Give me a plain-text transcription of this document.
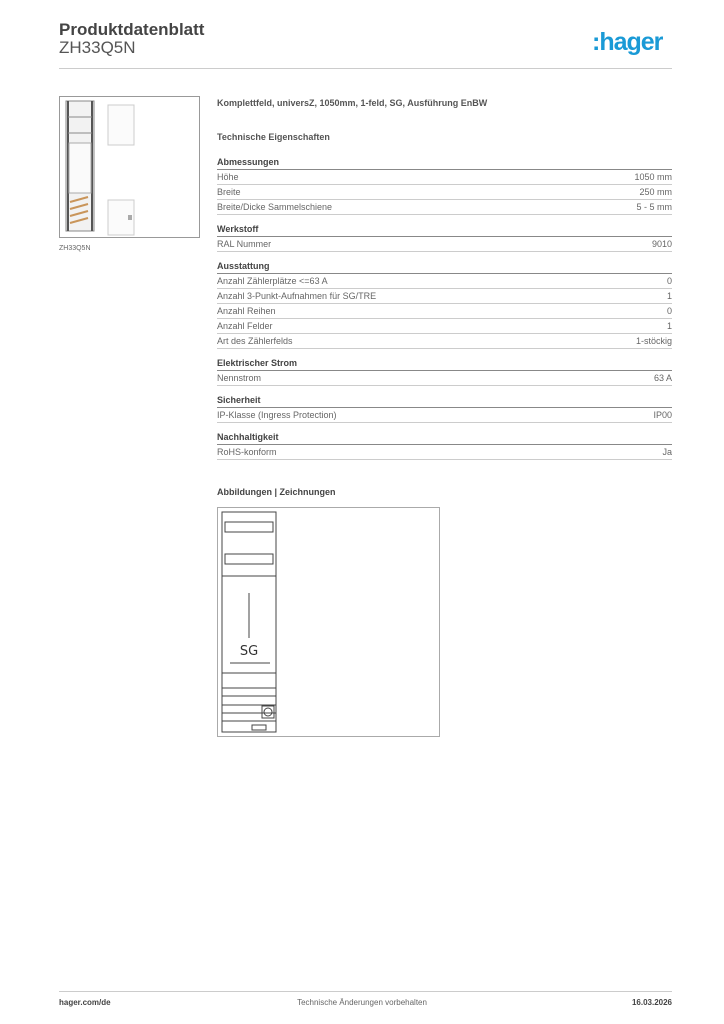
Produktdatenblatt
ZH33Q5N	:hager
ZH33Q5N
Komplettfeld, universZ, 1050mm, 1-feld, SG, Ausführung EnBW
Technische Eigenschaften
Abmessungen
Höhe	1050 mm
Breite	250 mm
Breite/Dicke Sammelschiene	5 - 5 mm
Werkstoff
RAL Nummer	9010
Ausstattung
Anzahl Zählerplätze <=63 A	0
Anzahl 3-Punkt-Aufnahmen für SG/TRE	1
Anzahl Reihen	0
Anzahl Felder	1
Art des Zählerfelds	1-stöckig
Elektrischer Strom
Nennstrom	63 A
Sicherheit
IP-Klasse (Ingress Protection)	IP00
Nachhaltigkeit
RoHS-konform	Ja
Abbildungen | Zeichnungen
SG
hager.com/de	Technische Änderungen vorbehalten	16.03.2026
